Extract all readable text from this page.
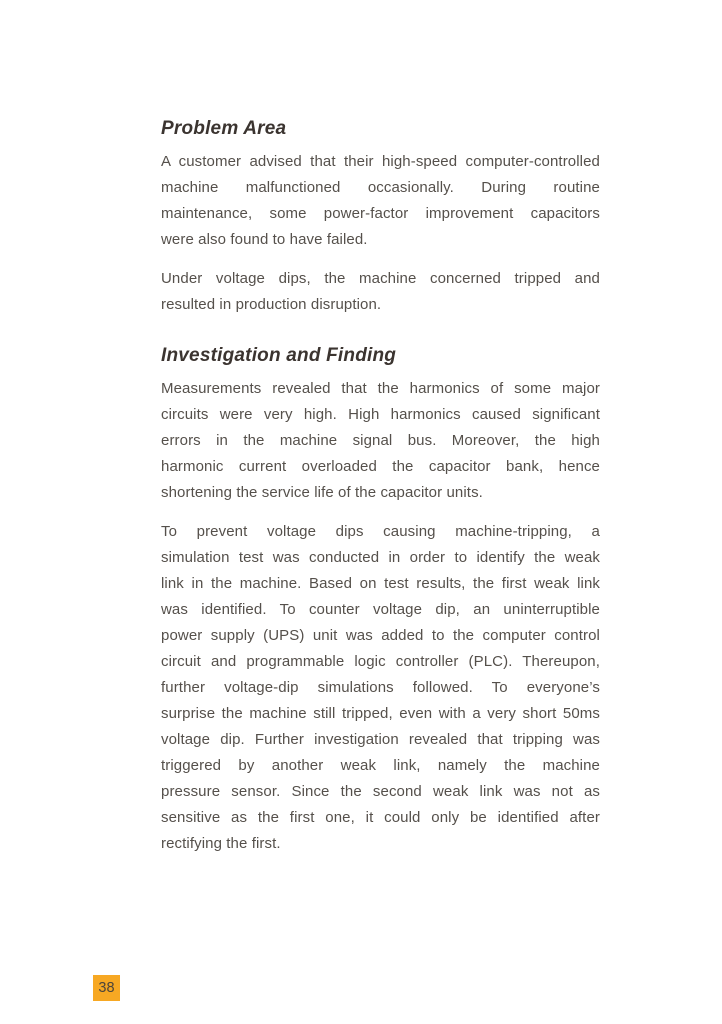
Problem Area

A customer advised that their high-speed computer-controlled
machine malfunctioned occasionally. During routine
maintenance, some power-factor improvement capacitors
were also found to have failed.

Under voltage dips, the machine concerned tripped and
resulted in production disruption.

Investigation and Finding

Measurements revealed that the harmonics of some major
circuits were very high. High harmonics caused significant
errors in the machine signal bus. Moreover, the high
harmonic current overloaded the capacitor bank, hence
shortening the service life of the capacitor units.

To prevent voltage dips causing machine-tripping, a
simulation test was conducted in order to identify the weak
link in the machine. Based on test results, the first weak link
was identified. To counter voltage dip, an uninterruptible
power supply (UPS) unit was added to the computer control
circuit and programmable logic controller (PLC). Thereupon,
further voltage-dip simulations followed. To everyone’s
surprise the machine still tripped, even with a very short 50ms
voltage dip. Further investigation revealed that tripping was
triggered by another weak link, namely the machine
pressure sensor. Since the second weak link was not as
sensitive as the first one, it could only be identified after
rectifying the first.

38
